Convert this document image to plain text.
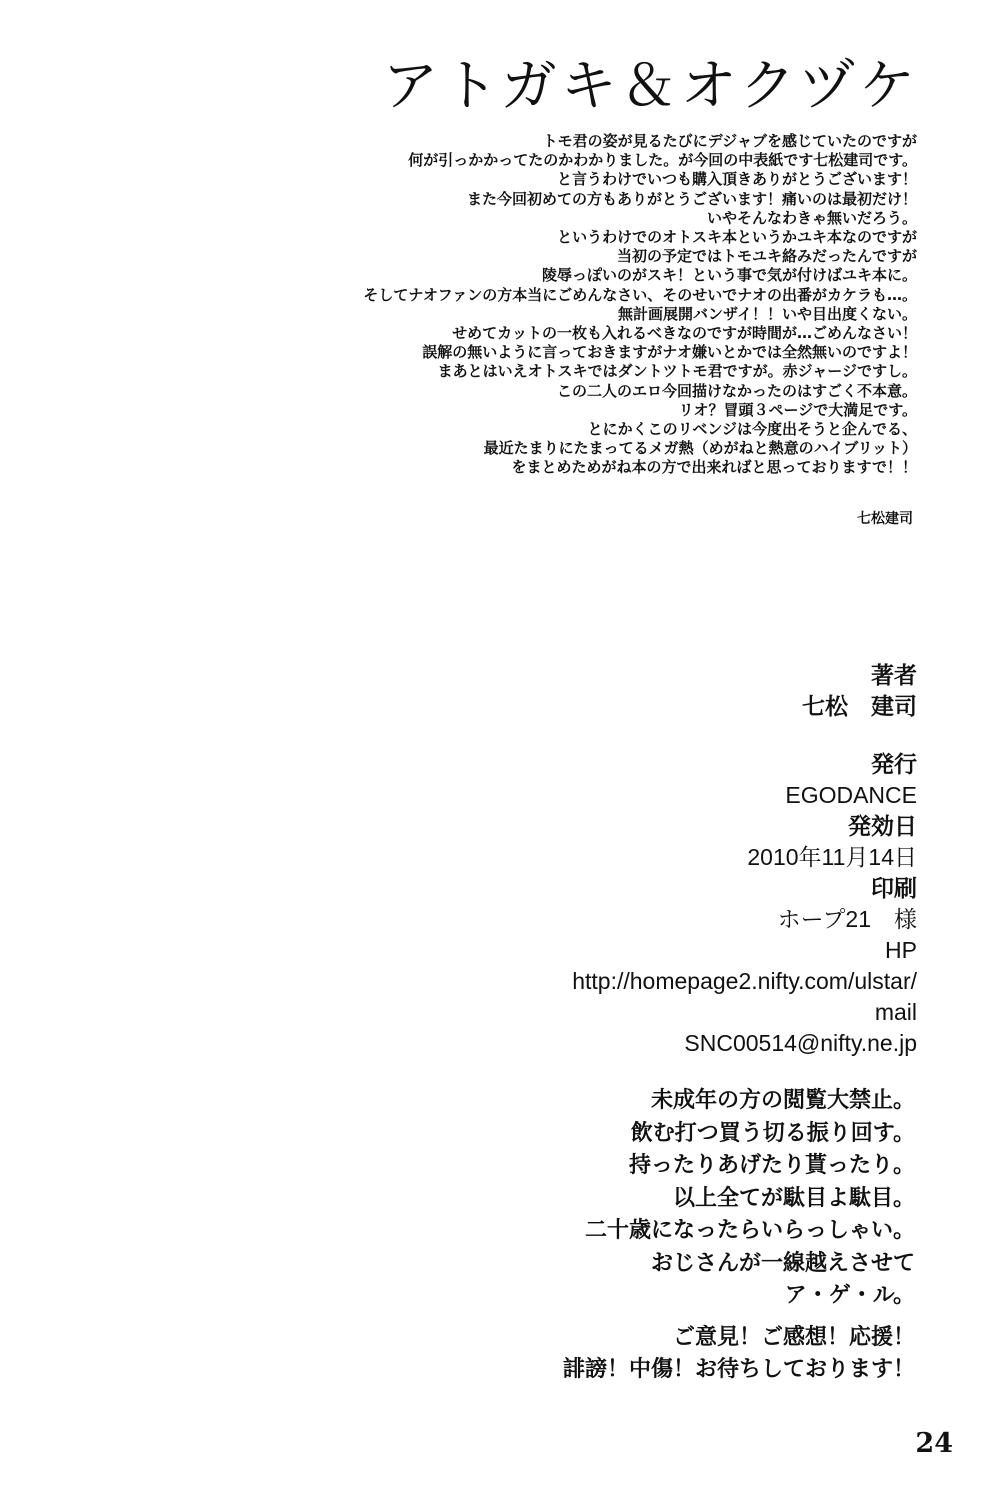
アトガキ＆オクヅケ
トモ君の姿が見るたびにデジャブを感じていたのですが
何が引っかかってたのかわかりました。が今回の中表紙です七松建司です。
と言うわけでいつも購入頂きありがとうございます！
また今回初めての方もありがとうございます！痛いのは最初だけ！
いやそんなわきゃ無いだろう。
というわけでのオトスキ本というかユキ本なのですが
当初の予定ではトモユキ絡みだったんですが
陵辱っぽいのがスキ！という事で気が付けばユキ本に。
そしてナオファンの方本当にごめんなさい、そのせいでナオの出番がカケラも…。
無計画展開バンザイ！！いや目出度くない。
せめてカットの一枚も入れるべきなのですが時間が…ごめんなさい！
誤解の無いように言っておきますがナオ嫌いとかでは全然無いのですよ！
まあとはいえオトスキではダントツトモ君ですが。赤ジャージですし。
この二人のエロ今回描けなかったのはすごく不本意。
リオ？冒頭３ページで大満足です。
とにかくこのリベンジは今度出そうと企んでる、
最近たまりにたまってるメガ熱（めがねと熱意のハイブリット）
をまとめためがね本の方で出来ればと思っておりますで！！
七松建司
著者
七松　建司
発行
EGODANCE
発効日
2010年11月14日
印刷
ホープ21　様
HP
http://homepage2.nifty.com/ulstar/
mail
SNC00514@nifty.ne.jp
未成年の方の閲覧大禁止。
飲む打つ買う切る振り回す。
持ったりあげたり貰ったり。
以上全てが駄目よ駄目。
二十歳になったらいらっしゃい。
おじさんが一線越えさせて
ア・ゲ・ル。
ご意見！ご感想！応援！
誹謗！中傷！お待ちしております！
24
